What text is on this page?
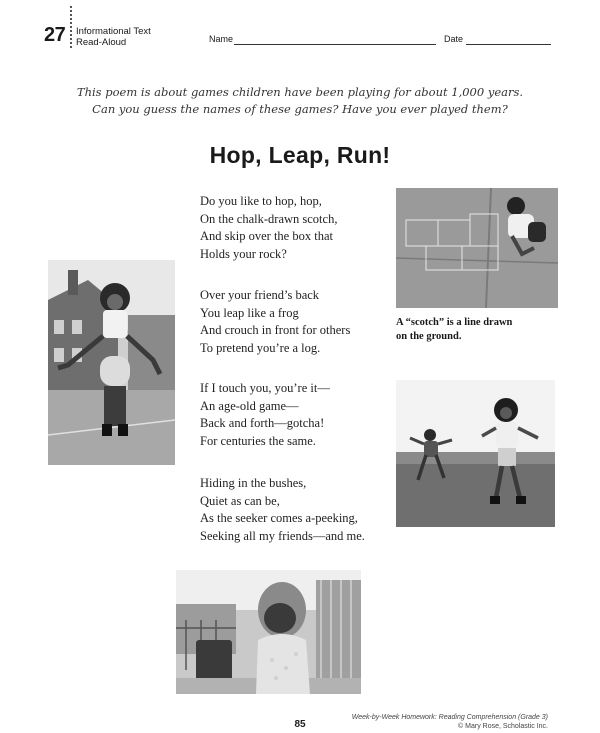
27 Informational Text
Read-Aloud	Name	Date
This poem is about games children have been playing for about 1,000 years.
Can you guess the names of these games? Have you ever played them?
Hop, Leap, Run!
Do you like to hop, hop,
On the chalk-drawn scotch,
And skip over the box that
Holds your rock?
Over your friend’s back
You leap like a frog
And crouch in front for others
To pretend you’re a log.
If I touch you, you’re it—
An age-old game—
Back and forth—gotcha!
For centuries the same.
Hiding in the bushes,
Quiet as can be,
As the seeker comes a-peeking,
Seeking all my friends—and me.
A “scotch” is a line drawn
on the ground.
85
Week-by-Week Homework: Reading Comprehension (Grade 3)
© Mary Rose, Scholastic Inc.
